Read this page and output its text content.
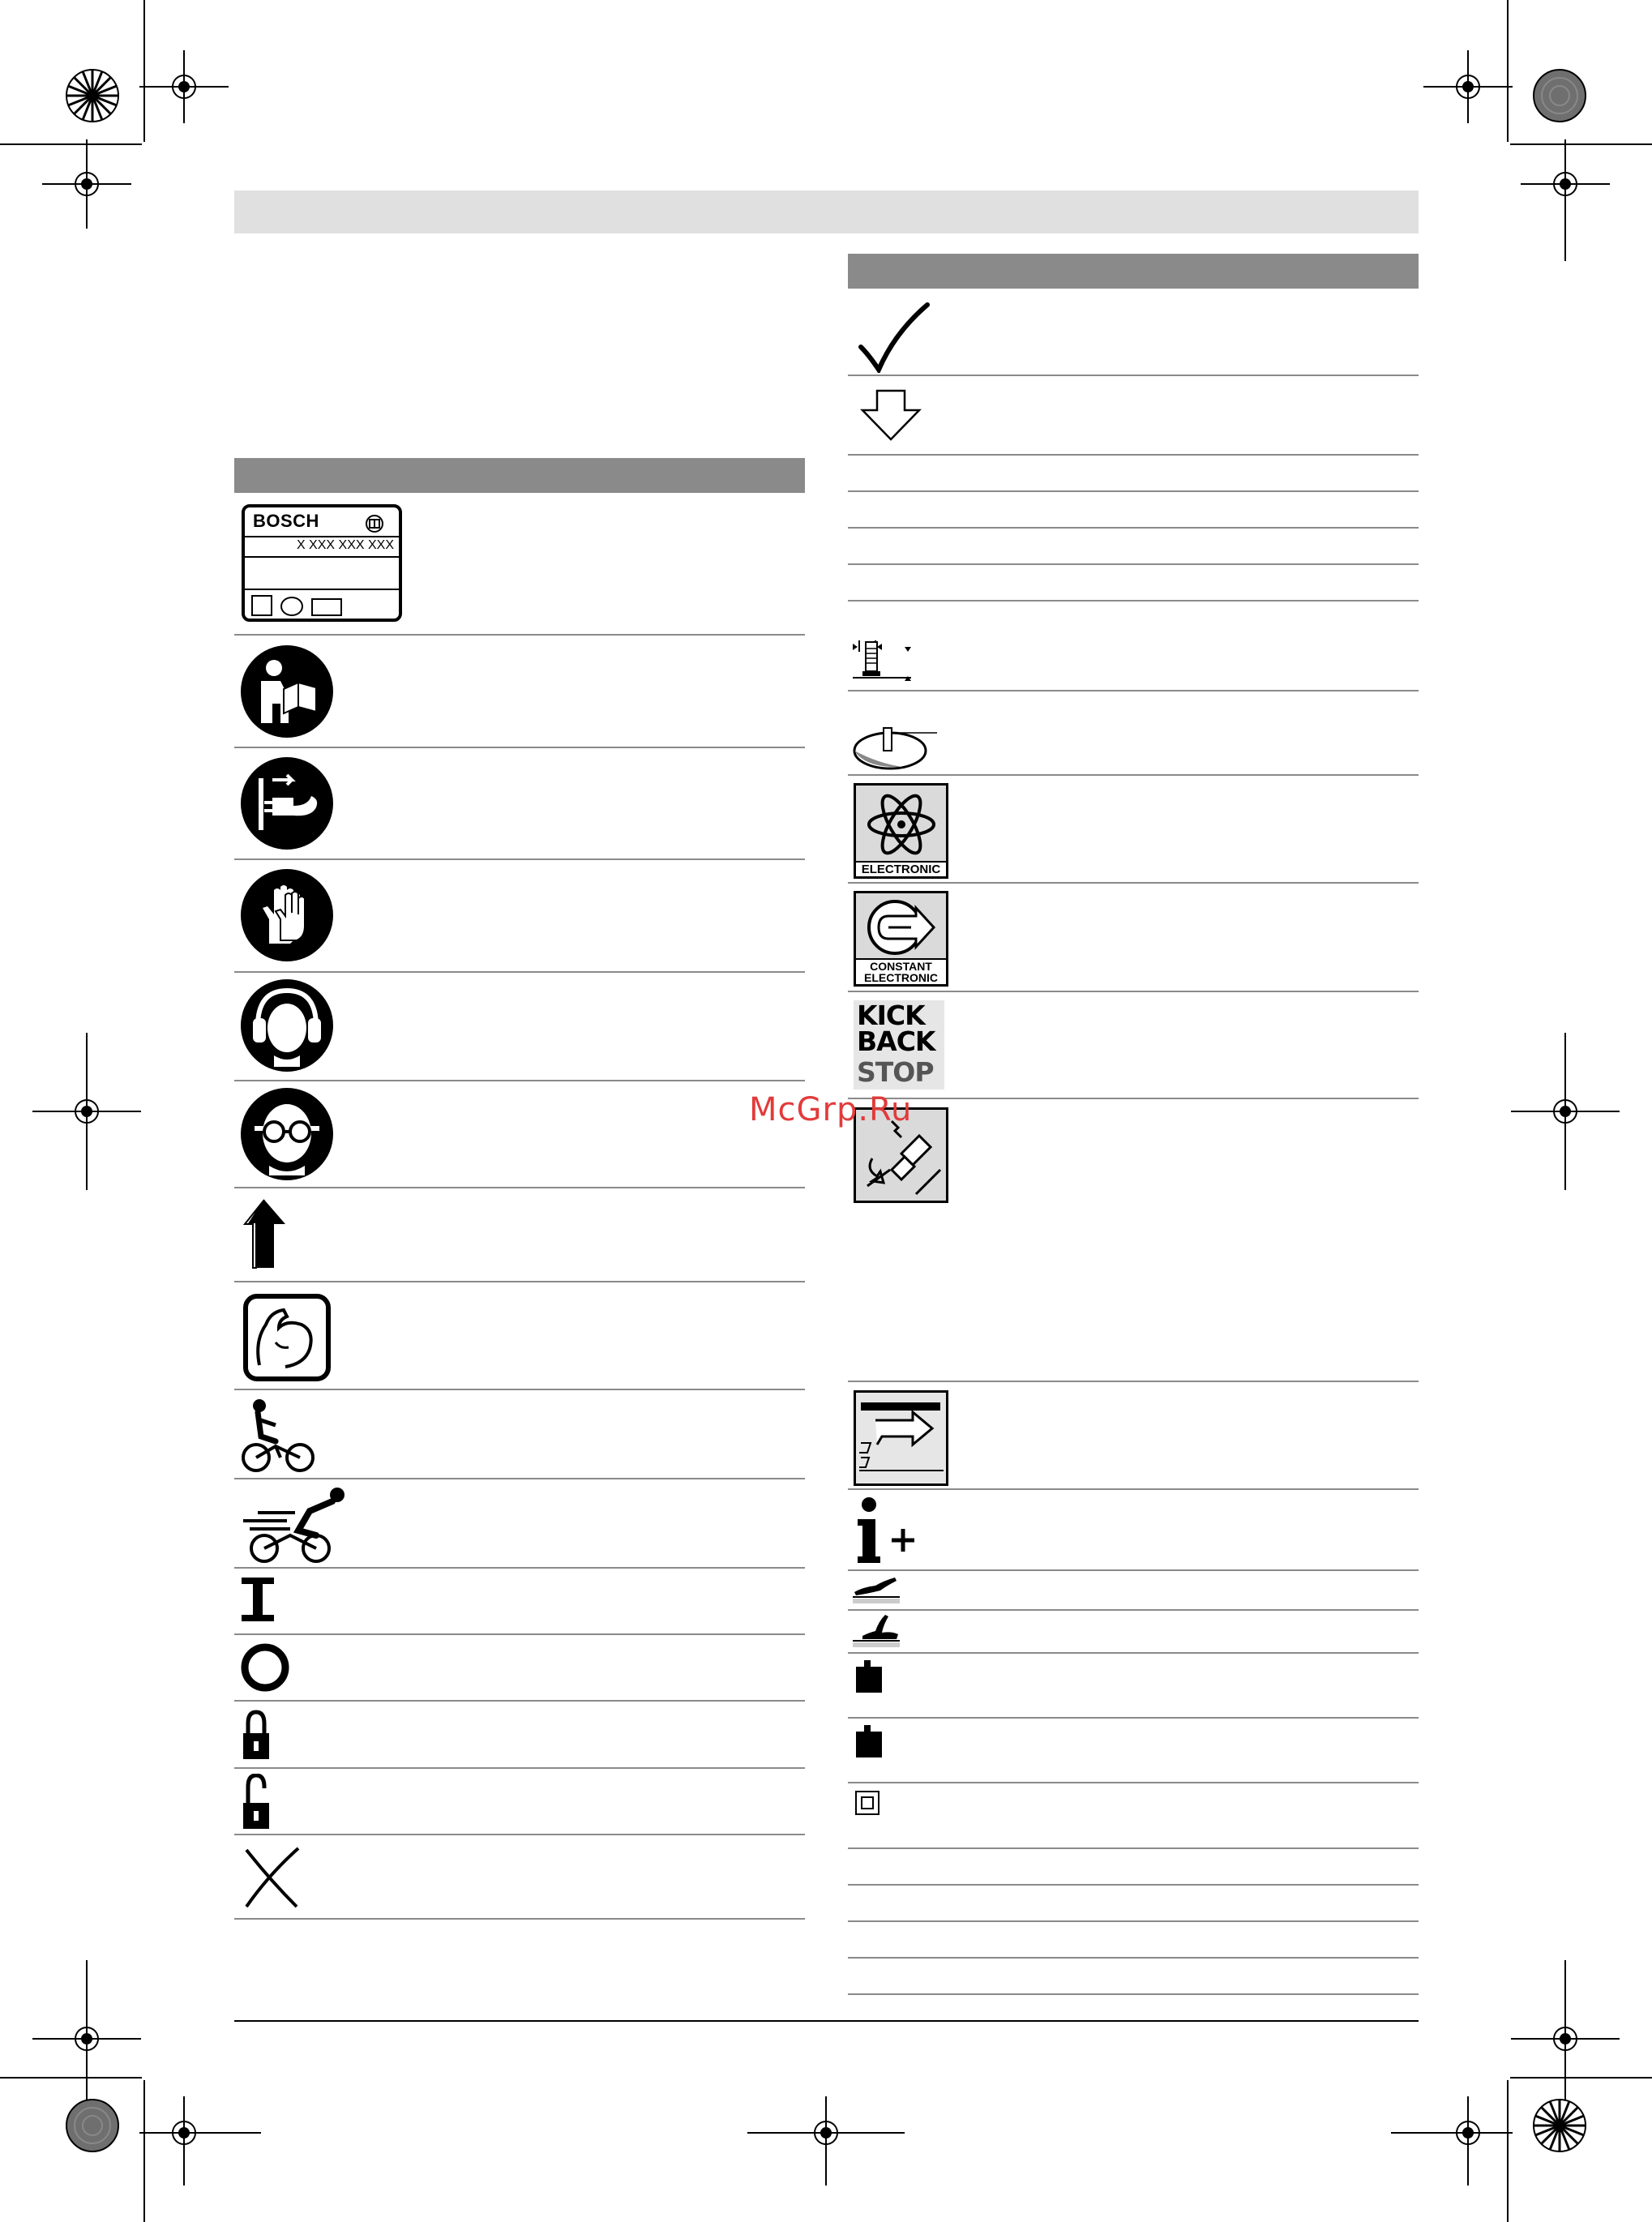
BOSCH
X XXX XXX XXX
ELECTRONIC
CONSTANT
ELECTRONIC
KICK
BACK
STOP
McGrp.Ru
